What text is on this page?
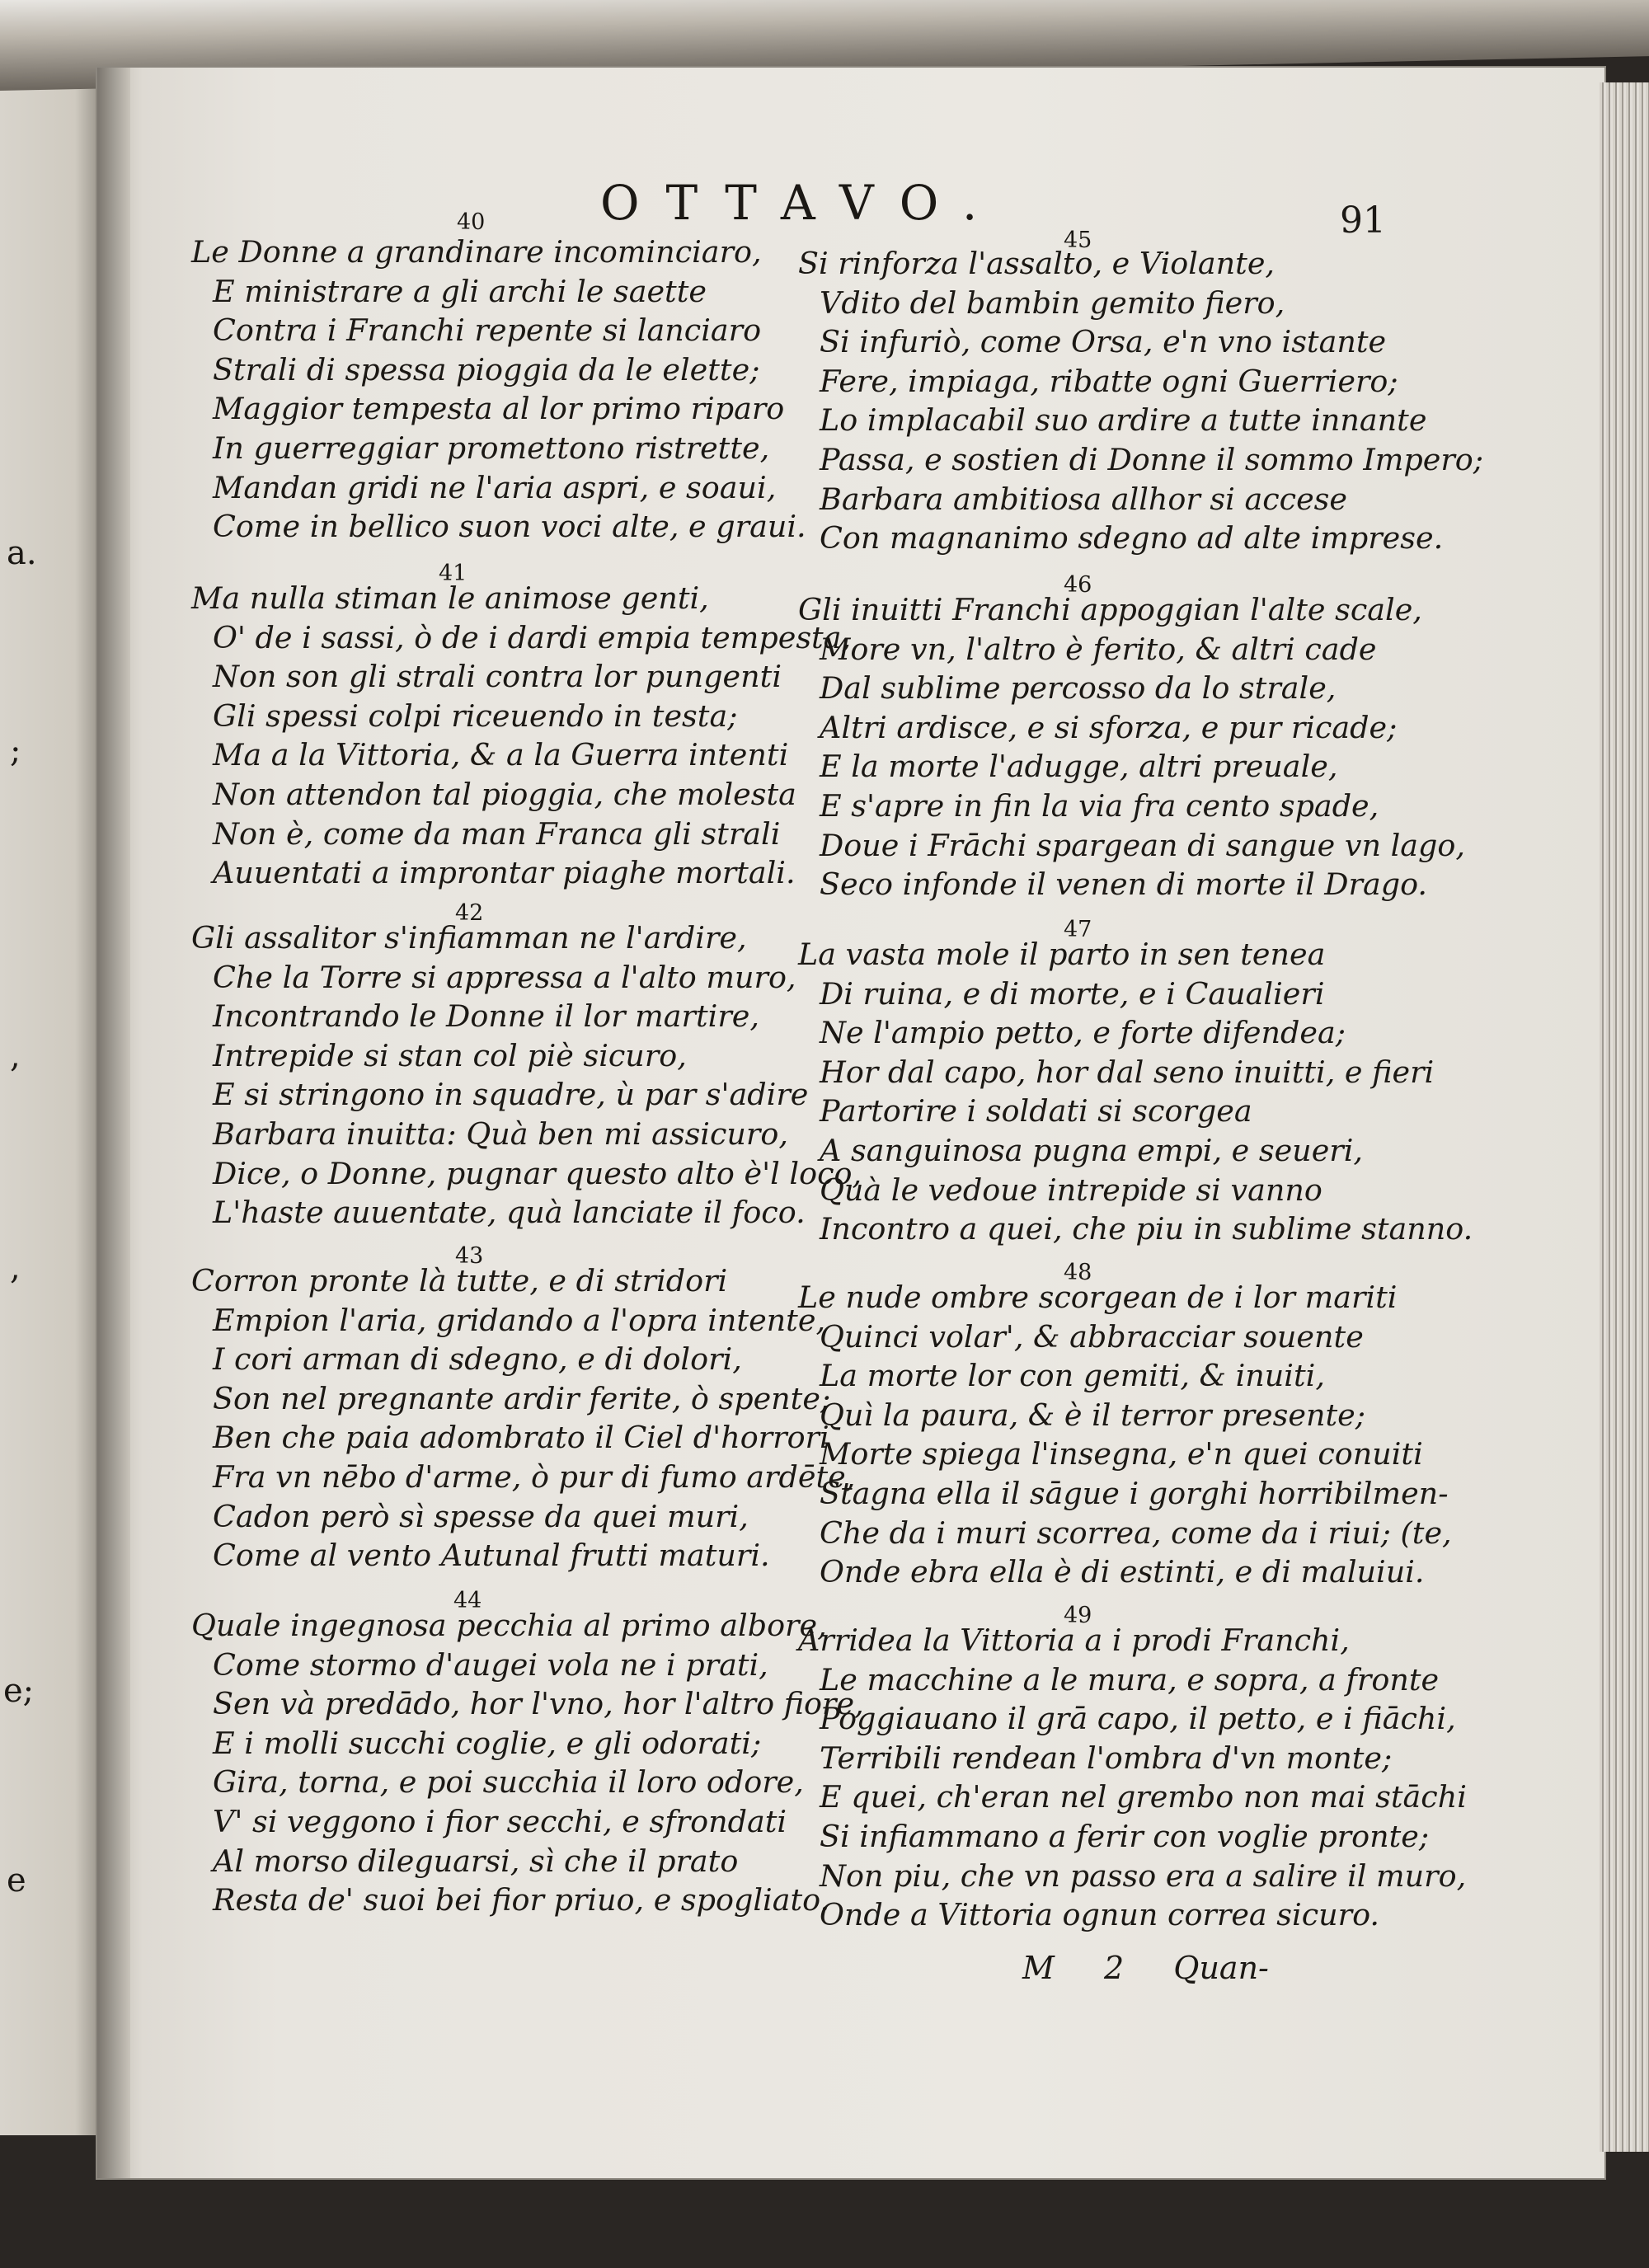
a.
;
,
,
e;
e
OTTAVO.	91
40
Le Donne a grandinare incominciaro,
E ministrare a gli archi le saette
Contra i Franchi repente si lanciaro
Strali di spessa pioggia da le elette;
Maggior tempesta al lor primo riparo
In guerreggiar promettono ristrette,
Mandan gridi ne l'aria aspri, e soaui,
Come in bellico suon voci alte, e graui.
41
Ma nulla stiman le animose genti,
O' de i sassi, ò de i dardi empia tempesta,
Non son gli strali contra lor pungenti
Gli spessi colpi riceuendo in testa;
Ma a la Vittoria, & a la Guerra intenti
Non attendon tal pioggia, che molesta
Non è, come da man Franca gli strali
Auuentati a improntar piaghe mortali.
42
Gli assalitor s'infiamman ne l'ardire,
Che la Torre si appressa a l'alto muro,
Incontrando le Donne il lor martire,
Intrepide si stan col piè sicuro,
E si stringono in squadre, ù par s'adire
Barbara inuitta: Quà ben mi assicuro,
Dice, o Donne, pugnar questo alto è'l loco,
L'haste auuentate, quà lanciate il foco.
43
Corron pronte là tutte, e di stridori
Empion l'aria, gridando a l'opra intente,
I cori arman di sdegno, e di dolori,
Son nel pregnante ardir ferite, ò spente;
Ben che paia adombrato il Ciel d'horrori
Fra vn nēbo d'arme, ò pur di fumo ardēte,
Cadon però sì spesse da quei muri,
Come al vento Autunal frutti maturi.
44
Quale ingegnosa pecchia al primo albore,
Come stormo d'augei vola ne i prati,
Sen và predādo, hor l'vno, hor l'altro fiore,
E i molli succhi coglie, e gli odorati;
Gira, torna, e poi succhia il loro odore,
V' si veggono i fior secchi, e sfrondati
Al morso dileguarsi, sì che il prato
Resta de' suoi bei fior priuo, e spogliato.
45
Si rinforza l'assalto, e Violante,
Vdito del bambin gemito fiero,
Si infuriò, come Orsa, e'n vno istante
Fere, impiaga, ribatte ogni Guerriero;
Lo implacabil suo ardire a tutte innante
Passa, e sostien di Donne il sommo Impero;
Barbara ambitiosa allhor si accese
Con magnanimo sdegno ad alte imprese.
46
Gli inuitti Franchi appoggian l'alte scale,
More vn, l'altro è ferito, & altri cade
Dal sublime percosso da lo strale,
Altri ardisce, e si sforza, e pur ricade;
E la morte l'adugge, altri preuale,
E s'apre in fin la via fra cento spade,
Doue i Frāchi spargean di sangue vn lago,
Seco infonde il venen di morte il Drago.
47
La vasta mole il parto in sen tenea
Di ruina, e di morte, e i Caualieri
Ne l'ampio petto, e forte difendea;
Hor dal capo, hor dal seno inuitti, e fieri
Partorire i soldati si scorgea
A sanguinosa pugna empi, e seueri,
Quà le vedoue intrepide si vanno
Incontro a quei, che piu in sublime stanno.
48
Le nude ombre scorgean de i lor mariti
Quinci volar', & abbracciar souente
La morte lor con gemiti, & inuiti,
Quì la paura, & è il terror presente;
Morte spiega l'insegna, e'n quei conuiti
Stagna ella il sāgue i gorghi horribilmen-
Che da i muri scorrea, come da i riui; (te,
Onde ebra ella è di estinti, e di maluiui.
49
Arridea la Vittoria a i prodi Franchi,
Le macchine a le mura, e sopra, a fronte
Poggiauano il grā capo, il petto, e i fiāchi,
Terribili rendean l'ombra d'vn monte;
E quei, ch'eran nel grembo non mai stāchi
Si infiammano a ferir con voglie pronte;
Non piu, che vn passo era a salire il muro,
Onde a Vittoria ognun correa sicuro.
M 2 Quan-
